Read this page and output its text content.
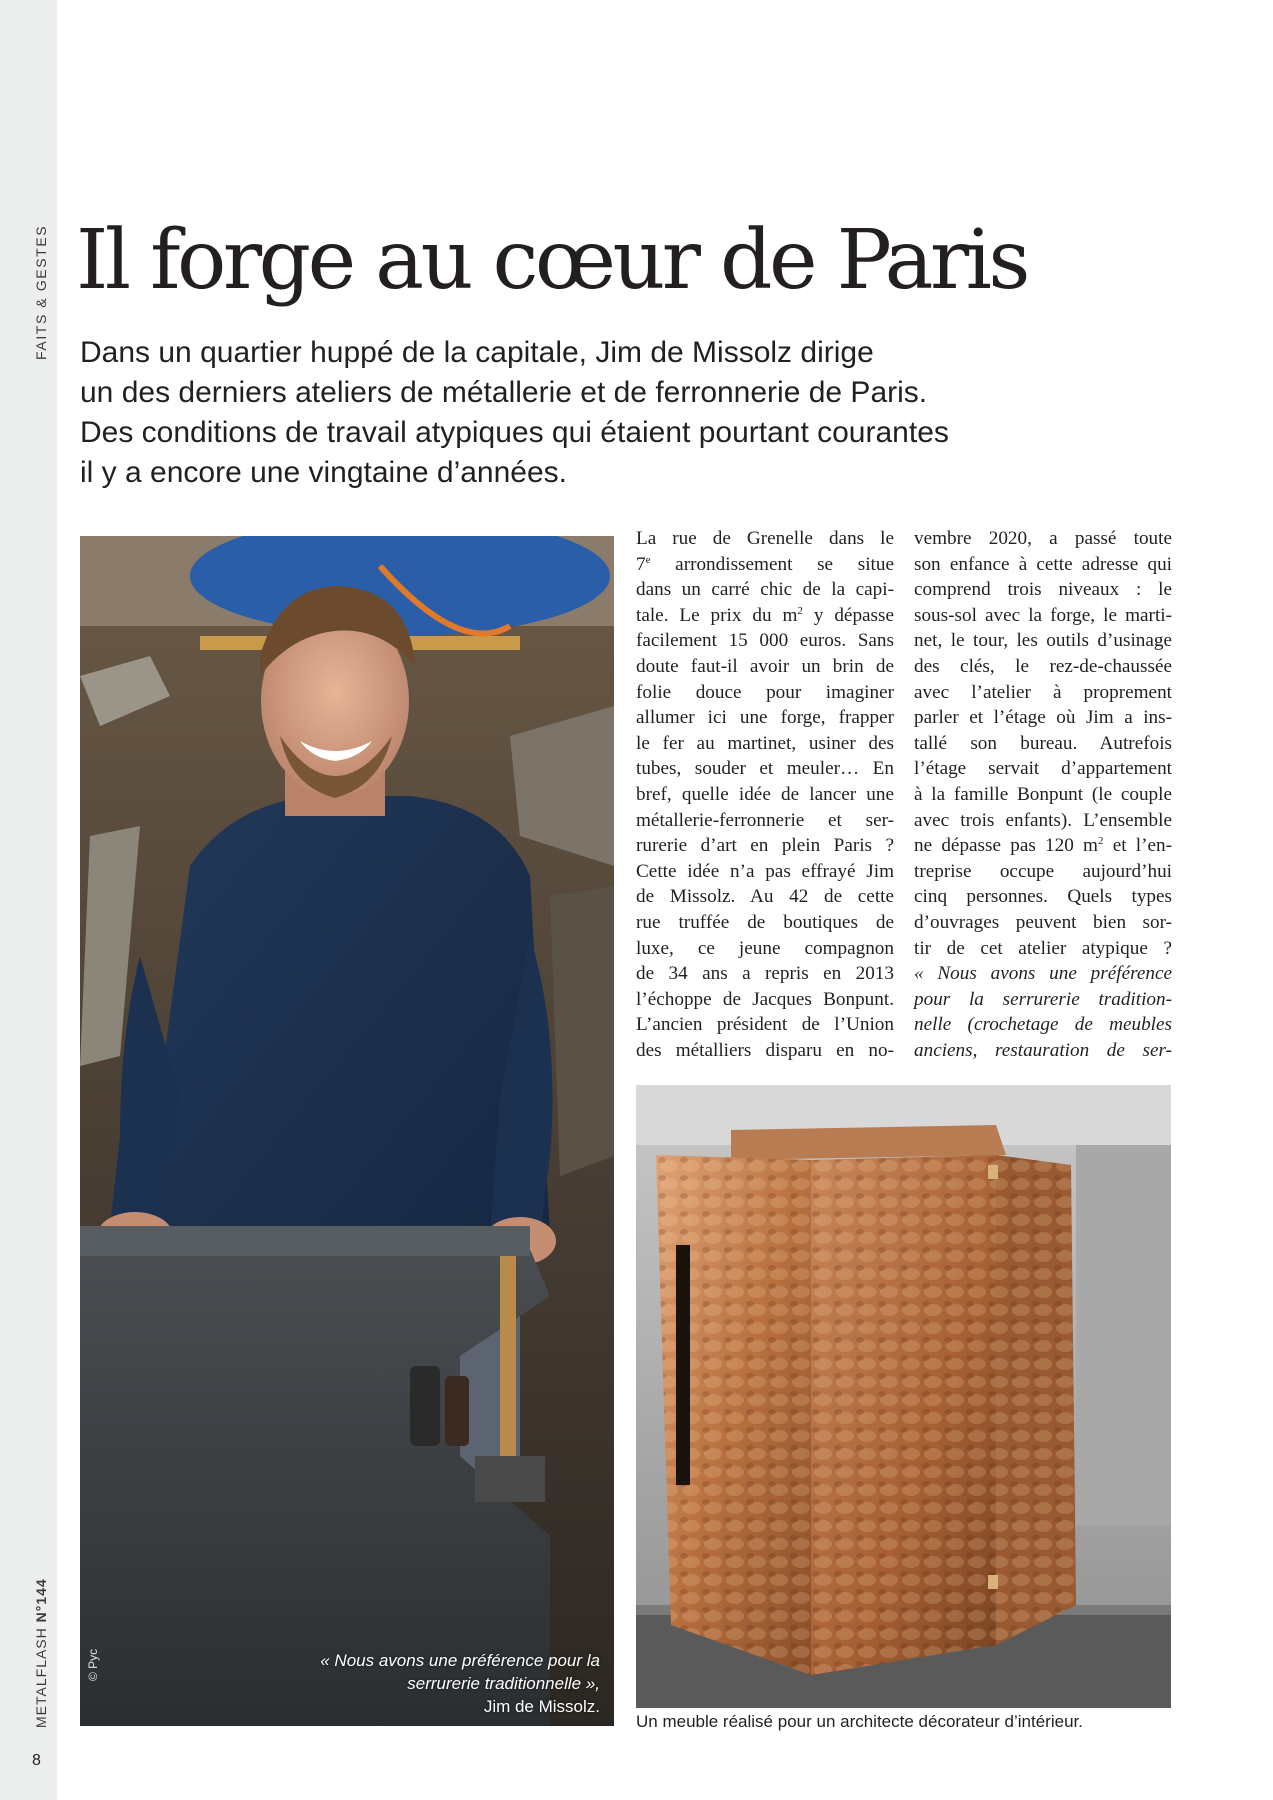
FAITS & GESTES
METALFLASH N°144
8
Il forge au cœur de Paris
Dans un quartier huppé de la capitale, Jim de Missolz dirige
un des derniers ateliers de métallerie et de ferronnerie de Paris.
Des conditions de travail atypiques qui étaient pourtant courantes
il y a encore une vingtaine d’années.
La rue de Grenelle dans le
7e arrondissement se situe
dans un carré chic de la capi-
tale. Le prix du $m^2$ y dépasse
facilement 15 000 euros. Sans
doute faut-il avoir un brin de
folie douce pour imaginer
allumer ici une forge, frapper
le fer au martinet, usiner des
tubes, souder et meuler… En
bref, quelle idée de lancer une
métallerie-ferronnerie et ser-
rurerie d’art en plein Paris ?
Cette idée n’a pas effrayé Jim
de Missolz. Au 42 de cette
rue truffée de boutiques de
luxe, ce jeune compagnon
de 34 ans a repris en 2013
l’échoppe de Jacques Bonpunt.
L’ancien président de l’Union
des métalliers disparu en no-
vembre 2020, a passé toute
son enfance à cette adresse qui
comprend trois niveaux : le
sous-sol avec la forge, le marti-
net, le tour, les outils d’usinage
des clés, le rez-de-chaussée
avec l’atelier à proprement
parler et l’étage où Jim a ins-
tallé son bureau. Autrefois
l’étage servait d’appartement
à la famille Bonpunt (le couple
avec trois enfants). L’ensemble
ne dépasse pas 120 $m^2$ et l’en-
treprise occupe aujourd’hui
cinq personnes. Quels types
d’ouvrages peuvent bien sor-
tir de cet atelier atypique ?
« Nous avons une préférence
pour la serrurerie tradition-
nelle (crochetage de meubles
anciens, restauration de ser-
« Nous avons une préférence pour la serrurerie traditionnelle »,
Jim de Missolz.
© Pyc
Un meuble réalisé pour un architecte décorateur d’intérieur.
